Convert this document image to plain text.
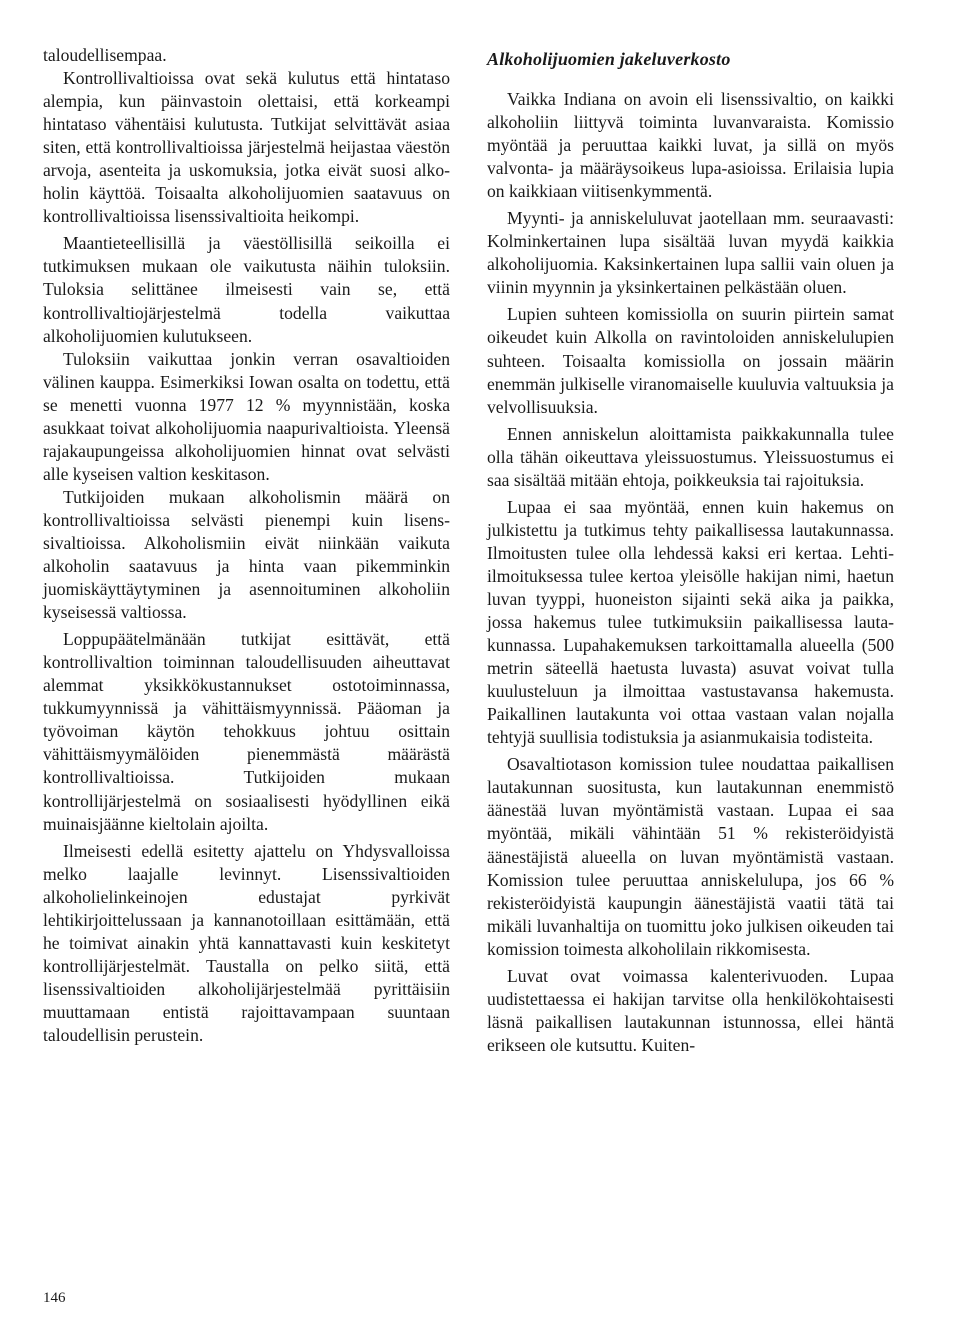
taloudellisempaa.

Kontrollivaltioissa ovat sekä kulutus että hintataso alempia, kun päinvastoin olettaisi, että korkeampi hintataso vähentäisi kulutusta. Tutkijat selvittävät asiaa siten, että kontrollivaltioissa järjestelmä heijastaa väestön arvoja, asenteita ja uskomuksia, jotka eivät suosi alkoholin käyttöä. Toisaalta alkoholijuomien saatavuus on kontrollivaltioissa lisenssivaltioita heikompi.

Maantieteellisillä ja väestöllisillä seikoilla ei tutkimuksen mukaan ole vaikutusta näihin tuloksiin. Tuloksia selittänee ilmeisesti vain se, että kontrollivaltiojärjestelmä todella vaikuttaa alkoholijuomien kulutukseen.

Tuloksiin vaikuttaa jonkin verran osavaltioiden välinen kauppa. Esimerkiksi Iowan osalta on todettu, että se menetti vuonna 1977 12 % myynnistään, koska asukkaat toivat alkoholijuomia naapurivaltioista. Yleensä rajakaupungeissa alkoholijuomien hinnat ovat selvästi alle kyseisen valtion keskitason.

Tutkijoiden mukaan alkoholismin määrä on kontrollivaltioissa selvästi pienempi kuin lisenssivaltioissa. Alkoholismiin eivät niinkään vaikuta alkoholin saatavuus ja hinta vaan pikemminkin juomiskäyttäytyminen ja asennoituminen alkoholiin kyseisessä valtiossa.

Loppupäätelmänään tutkijat esittävät, että kontrollivaltion toiminnan taloudellisuuden aiheuttavat alemmat yksikkökustannukset ostotoiminnassa, tukkumyynnissä ja vähittäismyynnissä. Pääoman ja työvoiman käytön tehokkuus johtuu osittain vähittäismyymälöiden pienemmästä määrästä kontrollivaltioissa. Tutkijoiden mukaan kontrollijärjestelmä on sosiaalisesti hyödyllinen eikä muinaisjäänne kieltolain ajoilta.

Ilmeisesti edellä esitetty ajattelu on Yhdysvalloissa melko laajalle levinnyt. Lisenssivaltioiden alkoholielinkeinojen edustajat pyrkivät lehtikirjoittelussaan ja kannanotoillaan esittämään, että he toimivat ainakin yhtä kannattavasti kuin keskitetyt kontrollijärjestelmät. Taustalla on pelko siitä, että lisenssivaltioiden alkoholijärjestelmää pyrittäisiin muuttamaan entistä rajoittavampaan suuntaan taloudellisin perustein.

Alkoholijuomien jakeluverkosto

Vaikka Indiana on avoin eli lisenssivaltio, on kaikki alkoholiin liittyvä toiminta luvanvaraista. Komissio myöntää ja peruuttaa kaikki luvat, ja sillä on myös valvonta- ja määräysoikeus lupa-asioissa. Erilaisia lupia on kaikkiaan viitisenkymmentä.

Myynti- ja anniskeluluvat jaotellaan mm. seuraavasti: Kolminkertainen lupa sisältää luvan myydä kaikkia alkoholijuomia. Kaksinkertainen lupa sallii vain oluen ja viinin myynnin ja yksinkertainen pelkästään oluen.

Lupien suhteen komissiolla on suurin piirtein samat oikeudet kuin Alkolla on ravintoloiden anniskelulupien suhteen. Toisaalta komissiolla on jossain määrin enemmän julkiselle viranomaiselle kuuluvia valtuuksia ja velvollisuuksia.

Ennen anniskelun aloittamista paikkakunnalla tulee olla tähän oikeuttava yleissuostumus. Yleissuostumus ei saa sisältää mitään ehtoja, poikkeuksia tai rajoituksia.

Lupaa ei saa myöntää, ennen kuin hakemus on julkistettu ja tutkimus tehty paikallisessa lautakunnassa. Ilmoitusten tulee olla lehdessä kaksi eri kertaa. Lehti-ilmoituksessa tulee kertoa yleisölle hakijan nimi, haetun luvan tyyppi, huoneiston sijainti sekä aika ja paikka, jossa hakemus tulee tutkimuksiin paikallisessa lautakunnassa. Lupahakemuksen tarkoittamalla alueella (500 metrin säteellä haetusta luvasta) asuvat voivat tulla kuulusteluun ja ilmoittaa vastustavansa hakemusta. Paikallinen lautakunta voi ottaa vastaan valan nojalla tehtyjä suullisia todistuksia ja asianmukaisia todisteita.

Osavaltiotason komission tulee noudattaa paikallisen lautakunnan suositusta, kun lautakunnan enemmistö äänestää luvan myöntämistä vastaan. Lupaa ei saa myöntää, mikäli vähintään 51 % rekisteröidyistä äänestäjistä alueella on luvan myöntämistä vastaan. Komission tulee peruuttaa anniskelulupa, jos 66 % rekisteröidyistä kaupungin äänestäjistä vaatii tätä tai mikäli luvanhaltija on tuomittu joko julkisen oikeuden tai komission toimesta alkoholilain rikkomisesta.

Luvat ovat voimassa kalenterivuoden. Lupaa uudistettaessa ei hakijan tarvitse olla henkilökohtaisesti läsnä paikallisen lautakunnan istunnossa, ellei häntä erikseen ole kutsuttu. Kuiten-

146
